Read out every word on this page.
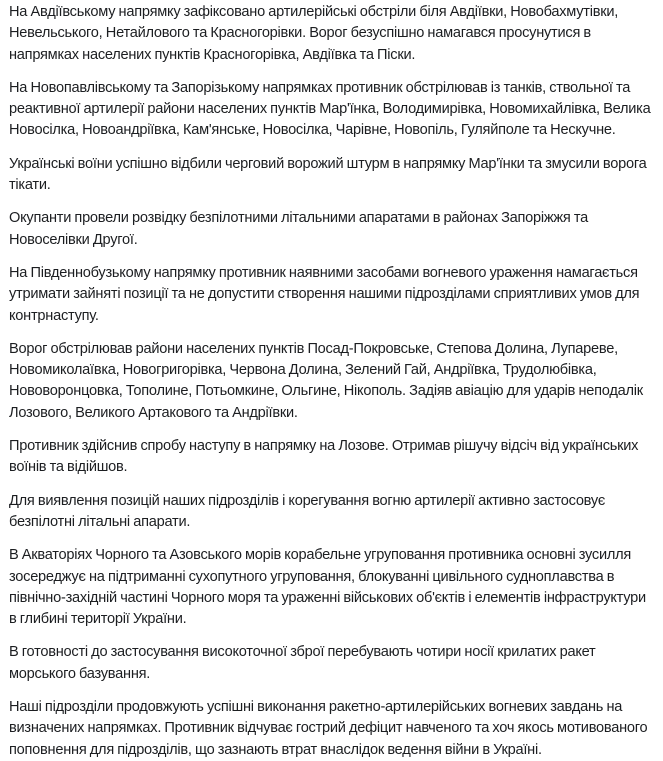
На Авдіївському напрямку зафіксовано артилерійські обстріли біля Авдіївки, Новобахмутівки, Невельського, Нетайлового та Красногорівки. Ворог безуспішно намагався просунутися в напрямках населених пунктів Красногорівка, Авдіївка та Піски.

На Новопавлівському та Запорізькому напрямках противник обстрілював із танків, ствольної та реактивної артилерії райони населених пунктів Мар'їнка, Володимирівка, Новомихайлівка, Велика Новосілка, Новоандріївка, Кам'янське, Новосілка, Чарівне, Новопіль, Гуляйполе та Нескучне.

Українські воїни успішно відбили черговий ворожий штурм в напрямку Мар'їнки та змусили ворога тікати.

Окупанти провели розвідку безпілотними літальними апаратами в районах Запоріжжя та Новоселівки Другої.

На Південнобузькому напрямку противник наявними засобами вогневого ураження намагається утримати зайняті позиції та не допустити створення нашими підрозділами сприятливих умов для контрнаступу.

Ворог обстрілював райони населених пунктів Посад-Покровське, Степова Долина, Лупареве, Новомиколаївка, Новогригорівка, Червона Долина, Зелений Гай, Андріївка, Трудолюбівка, Нововоронцовка, Тополине, Потьомкине, Ольгине, Нікополь. Задіяв авіацію для ударів неподалік Лозового, Великого Артакового та Андріївки.

Противник здійснив спробу наступу в напрямку на Лозове. Отримав рішучу відсіч від українських воїнів та відійшов.

Для виявлення позицій наших підрозділів і корегування вогню артилерії активно застосовує безпілотні літальні апарати.

В Акваторіях Чорного та Азовського морів корабельне угруповання противника основні зусилля зосереджує на підтриманні сухопутного угруповання, блокуванні цивільного судноплавства в північно-західній частині Чорного моря та ураженні військових об'єктів і елементів інфраструктури в глибині території України.

В готовності до застосування високоточної зброї перебувають чотири носії крилатих ракет морського базування.

Наші підрозділи продовжують успішні виконання ракетно-артилерійських вогневих завдань на визначених напрямках. Противник відчуває гострий дефіцит навченого та хоч якось мотивованого поповнення для підрозділів, що зазнають втрат внаслідок ведення війни в Україні.
